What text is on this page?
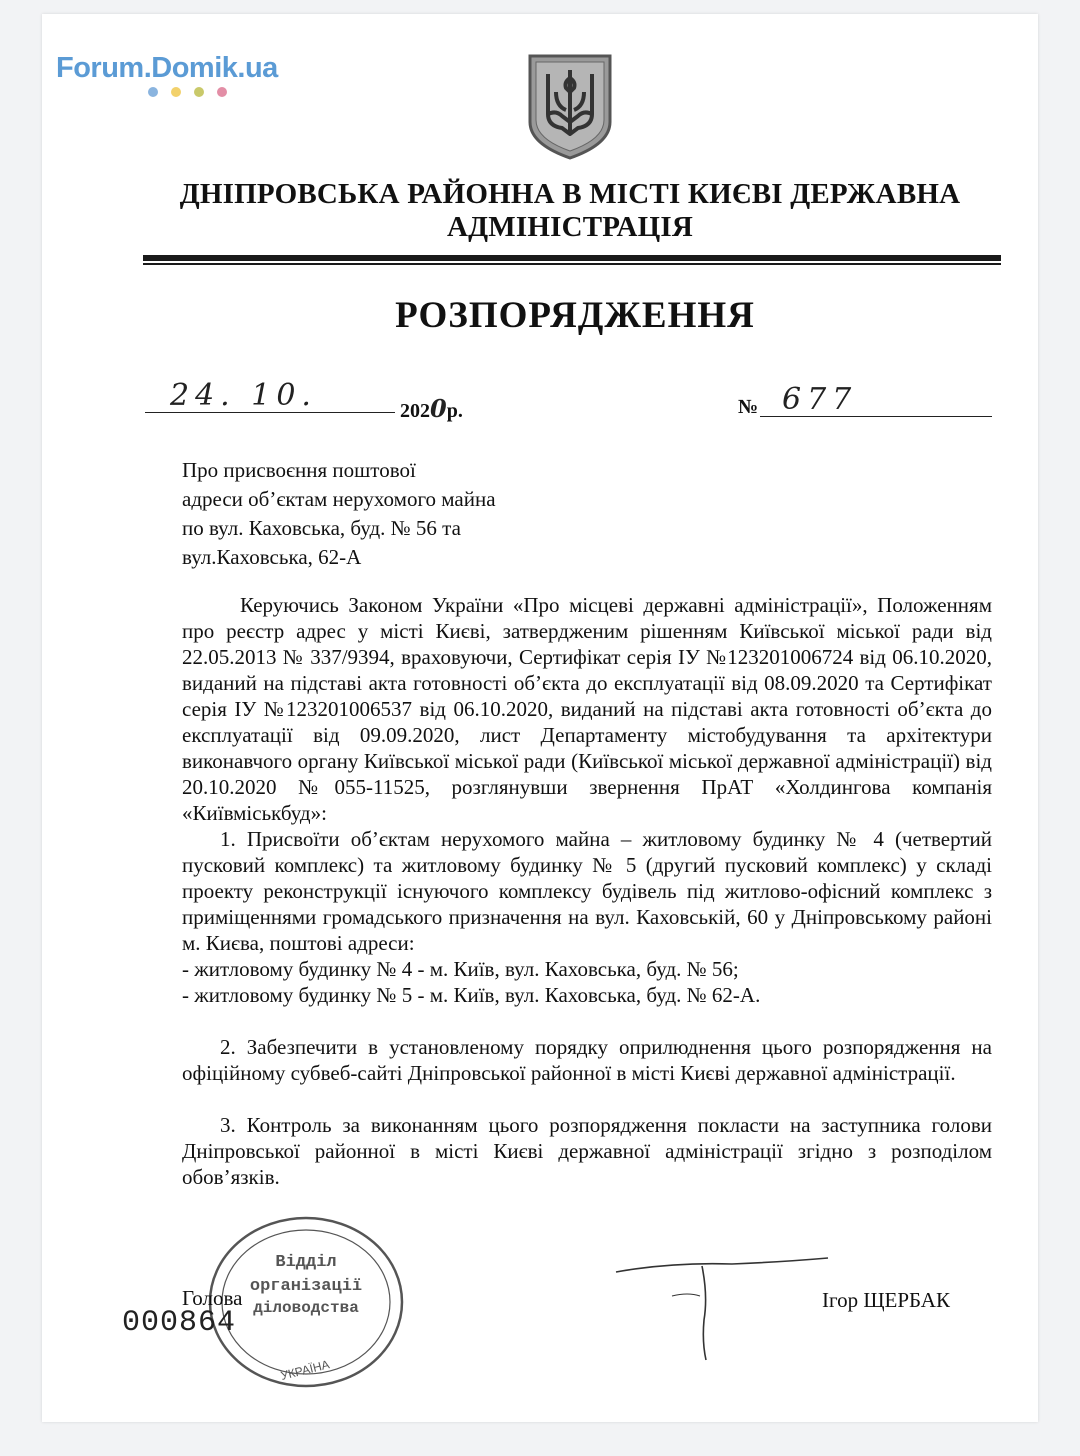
Forum.Domik.ua
ДНІПРОВСЬКА РАЙОННА В МІСТІ КИЄВІ ДЕРЖАВНА
АДМІНІСТРАЦІЯ
РОЗПОРЯДЖЕННЯ
24. 10.	2020р.	№ 677
Про присвоєння поштової
адреси об’єктам нерухомого майна
по вул. Каховська, буд. № 56 та
вул.Каховська, 62-А

Керуючись Законом України «Про місцеві державні адміністрації», Положенням про реєстр адрес у місті Києві, затвердженим рішенням Київської міської ради від 22.05.2013 № 337/9394, враховуючи, Сертифікат серія ІУ №123201006724 від 06.10.2020, виданий на підставі акта готовності об’єкта до експлуатації від 08.09.2020 та Сертифікат серія ІУ №123201006537 від 06.10.2020, виданий на підставі акта готовності об’єкта до експлуатації від 09.09.2020, лист Департаменту містобудування та архітектури виконавчого органу Київської міської ради (Київської міської державної адміністрації) від 20.10.2020 №055-11525, розглянувши звернення ПрАТ «Холдингова компанія «Київміськбуд»:

1. Присвоїти об’єктам нерухомого майна – житловому будинку № 4 (четвертий пусковий комплекс) та житловому будинку № 5 (другий пусковий комплекс) у складі проекту реконструкції існуючого комплексу будівель під житлово-офісний комплекс з приміщеннями громадського призначення на вул. Каховській, 60 у Дніпровському районі м. Києва, поштові адреси:

- житловому будинку № 4 - м. Київ, вул. Каховська, буд. № 56;

- житловому будинку № 5 - м. Київ, вул. Каховська, буд. № 62-А.

2. Забезпечити в установленому порядку оприлюднення цього розпорядження на офіційному субвеб-сайті Дніпровської районної в місті Києві державної адміністрації.

3. Контроль за виконанням цього розпорядження покласти на заступника голови Дніпровської районної в місті Києві державної адміністрації згідно з розподілом обов’язків.

Відділ
організації
діловодства
УКРАЇНА
Голова
000864
Ігор ЩЕРБАК
